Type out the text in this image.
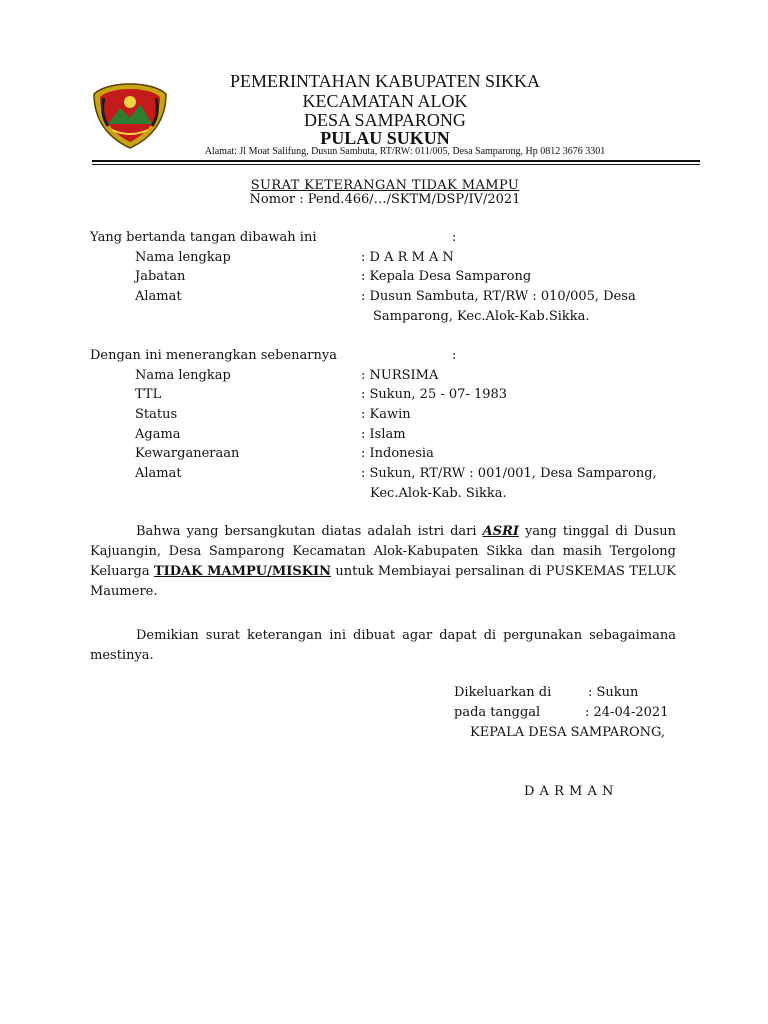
PEMERINTAHAN KABUPATEN SIKKA
KECAMATAN ALOK
DESA SAMPARONG
PULAU SUKUN
Alamat: Jl Moat Salifung, Dusun Sambuta, RT/RW: 011/005, Desa Samparong, Hp 0812 3676 3301
SURAT KETERANGAN TIDAK MAMPU
Nomor : Pend.466/…/SKTM/DSP/IV/2021
Yang bertanda tangan dibawah ini	:
Nama lengkap	: D A R M A N
Jabatan	: Kepala Desa Samparong
Alamat	: Dusun Sambuta, RT/RW : 010/005, Desa
Samparong, Kec.Alok-Kab.Sikka.
Dengan ini menerangkan sebenarnya	:
Nama lengkap	: NURSIMA
TTL	: Sukun, 25 - 07- 1983
Status	: Kawin
Agama	: Islam
Kewarganeraan	: Indonesia
Alamat	: Sukun, RT/RW : 001/001, Desa Samparong,
Kec.Alok-Kab. Sikka.
Bahwa yang bersangkutan diatas adalah istri dari ASRI yang tinggal di Dusun Kajuangin, Desa Samparong Kecamatan Alok-Kabupaten Sikka dan masih Tergolong Keluarga TIDAK MAMPU/MISKIN untuk Membiayai persalinan di PUSKEMAS TELUK Maumere.
Demikian surat keterangan ini dibuat agar dapat di pergunakan sebagaimana mestinya.
Dikeluarkan di	: Sukun
pada tanggal	: 24-04-2021
KEPALA DESA SAMPARONG,
D A R M A N
